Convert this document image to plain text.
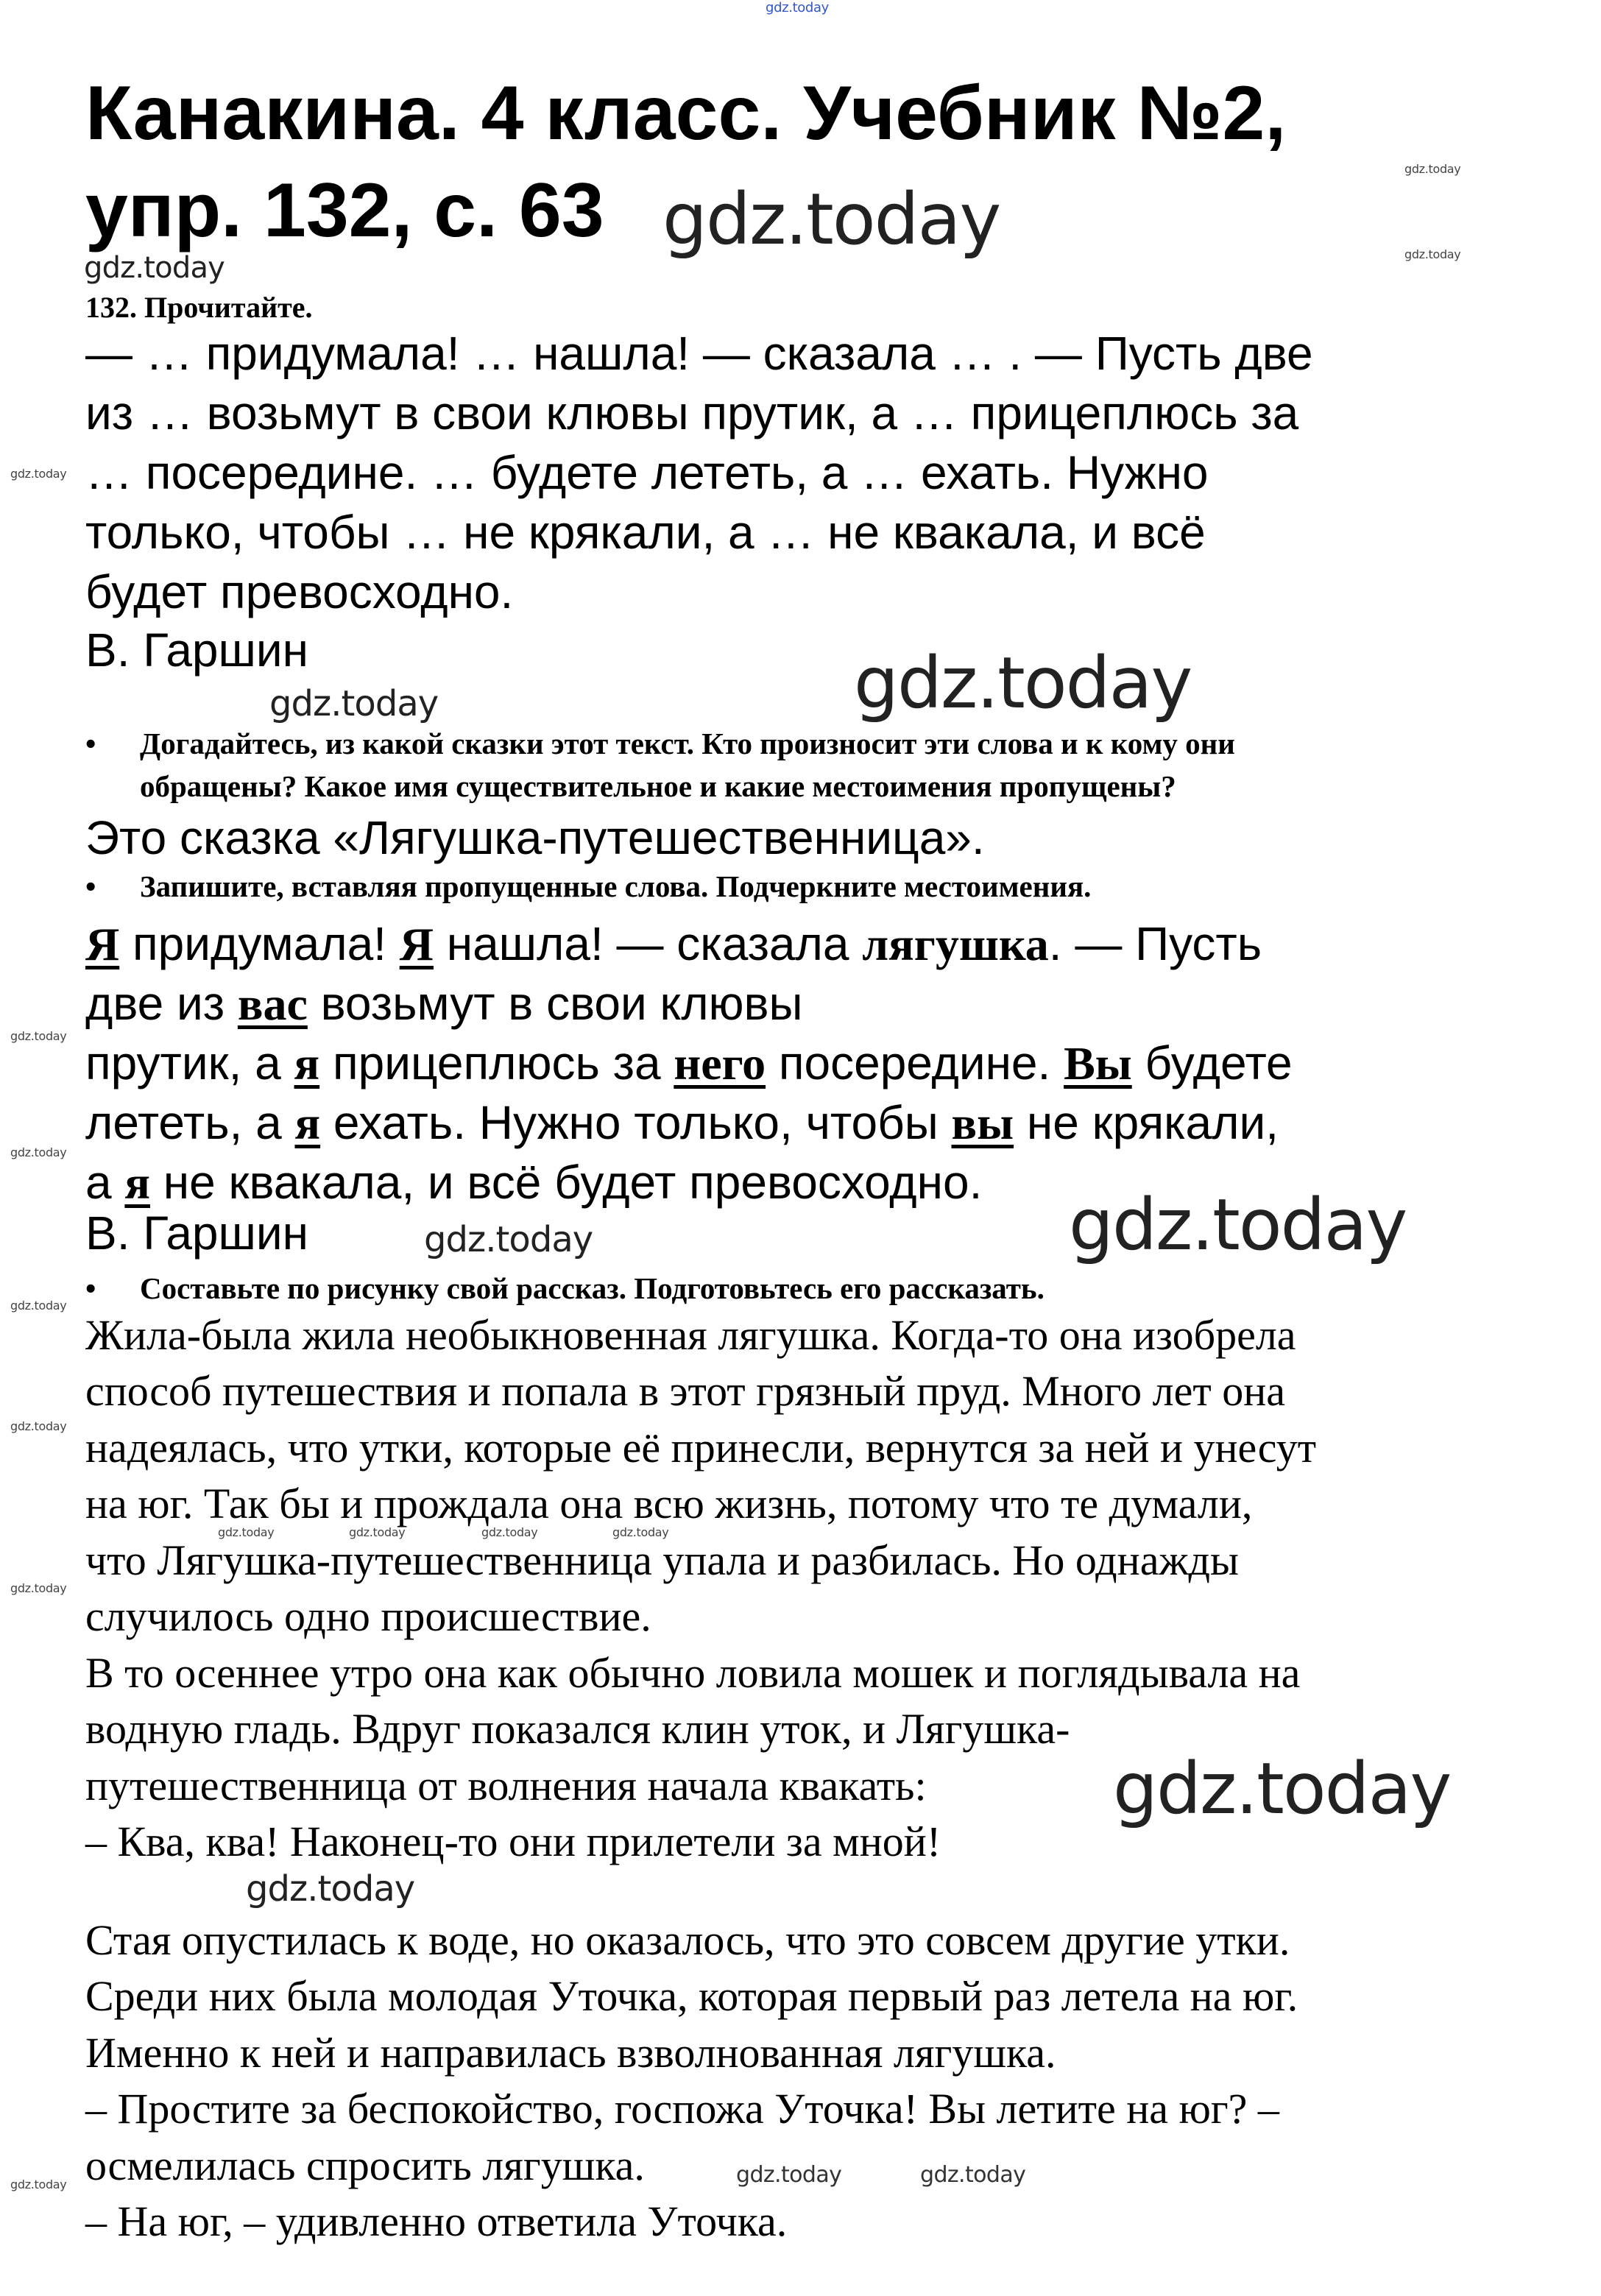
Канакина. 4 класс. Учебник №2,
упр. 132, с. 63
132. Прочитайте.
— … придумала! … нашла! — сказала … . — Пусть две
из … возьмут в свои клювы прутик, а … прицеплюсь за
… посередине. … будете лететь, а … ехать. Нужно
только, чтобы … не крякали, а … не квакала, и всё
будет превосходно.
В. Гаршин
• Догадайтесь, из какой сказки этот текст. Кто произносит эти слова и к кому они
обращены? Какое имя существительное и какие местоимения пропущены?
Это сказка «Лягушка-путешественница».
• Запишите, вставляя пропущенные слова. Подчеркните местоимения.
Я придумала! Я нашла! — сказала лягушка. — Пусть
две из вас возьмут в свои клювы
прутик, а я прицеплюсь за него посередине. Вы будете
лететь, а я ехать. Нужно только, чтобы вы не крякали,
а я не квакала, и всё будет превосходно.
В. Гаршин
• Составьте по рисунку свой рассказ. Подготовьтесь его рассказать.
Жила-была жила необыкновенная лягушка. Когда-то она изобрела
способ путешествия и попала в этот грязный пруд. Много лет она
надеялась, что утки, которые её принесли, вернутся за ней и унесут
на юг. Так бы и прождала она всю жизнь, потому что те думали,
что Лягушка-путешественница упала и разбилась. Но однажды
случилось одно происшествие.
В то осеннее утро она как обычно ловила мошек и поглядывала на
водную гладь. Вдруг показался клин уток, и Лягушка-
путешественница от волнения начала квакать:
– Ква, ква! Наконец-то они прилетели за мной!
Стая опустилась к воде, но оказалось, что это совсем другие утки.
Среди них была молодая Уточка, которая первый раз летела на юг.
Именно к ней и направилась взволнованная лягушка.
– Простите за беспокойство, госпожа Уточка! Вы летите на юг? –
осмелилась спросить лягушка.
– На юг, – удивленно ответила Уточка.
gdz.today
gdz.today
gdz.today
gdz.today
gdz.today
gdz.today
gdz.today
gdz.today
gdz.today
gdz.today	gdz.today
gdz.today
gdz.today
gdz.today	gdz.today	gdz.today	gdz.today
gdz.today
gdz.today
gdz.today
gdz.today	gdz.today	gdz.today
gdz.today
